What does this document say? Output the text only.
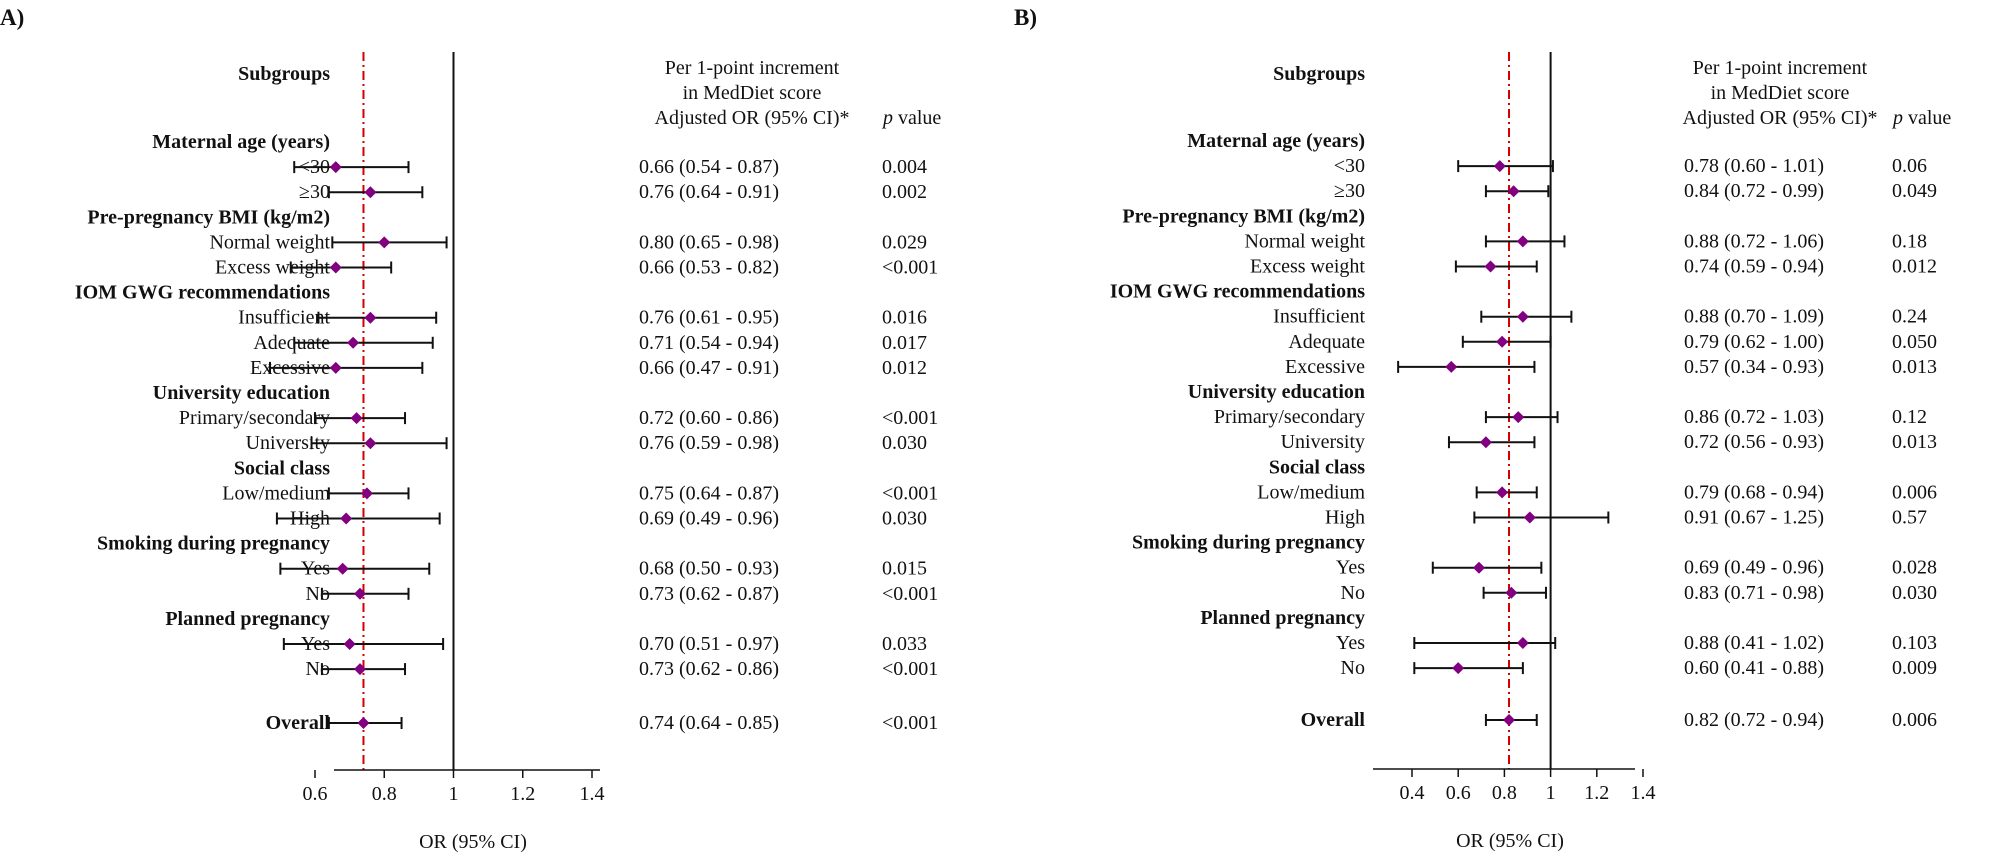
A)
Subgroups	Per 1-point increment
in MedDiet score
Adjusted OR (95% CI)* p value
0.6 0.8	1	1.2 1.4
OR (95% CI)
Maternal age (years)
<30	0.66 (0.54 - 0.87)	0.004
≥30	0.76 (0.64 - 0.91)	0.002
Pre-pregnancy BMI (kg/m2)
Normal weight	0.80 (0.65 - 0.98)	0.029
Excess weight	0.66 (0.53 - 0.82)	<0.001
IOM GWG recommendations
Insufficient	0.76 (0.61 - 0.95)	0.016
Adequate	0.71 (0.54 - 0.94)	0.017
Excessive	0.66 (0.47 - 0.91)	0.012
University education
Primary/secondary	0.72 (0.60 - 0.86)	<0.001
University	0.76 (0.59 - 0.98)	0.030
Social class
Low/medium	0.75 (0.64 - 0.87)	<0.001
High	0.69 (0.49 - 0.96)	0.030
Smoking during pregnancy
Yes	0.68 (0.50 - 0.93)	0.015
No	0.73 (0.62 - 0.87)	<0.001
Planned pregnancy
Yes	0.70 (0.51 - 0.97)	0.033
No	0.73 (0.62 - 0.86)	<0.001
Overall	0.74 (0.64 - 0.85)	<0.001
B)
Subgroups	Per 1-point increment
in MedDiet score
Adjusted OR (95% CI)* p value
0.4 0.6 0.8 1 1.2 1.4
OR (95% CI)
Maternal age (years)
<30	0.78 (0.60 - 1.01)	0.06
≥30	0.84 (0.72 - 0.99)	0.049
Pre-pregnancy BMI (kg/m2)
Normal weight	0.88 (0.72 - 1.06)	0.18
Excess weight	0.74 (0.59 - 0.94)	0.012
IOM GWG recommendations
Insufficient	0.88 (0.70 - 1.09)	0.24
Adequate	0.79 (0.62 - 1.00)	0.050
Excessive	0.57 (0.34 - 0.93)	0.013
University education
Primary/secondary	0.86 (0.72 - 1.03)	0.12
University	0.72 (0.56 - 0.93)	0.013
Social class
Low/medium	0.79 (0.68 - 0.94)	0.006
High	0.91 (0.67 - 1.25)	0.57
Smoking during pregnancy
Yes	0.69 (0.49 - 0.96)	0.028
No	0.83 (0.71 - 0.98)	0.030
Planned pregnancy
Yes	0.88 (0.41 - 1.02)	0.103
No	0.60 (0.41 - 0.88)	0.009
Overall	0.82 (0.72 - 0.94)	0.006
